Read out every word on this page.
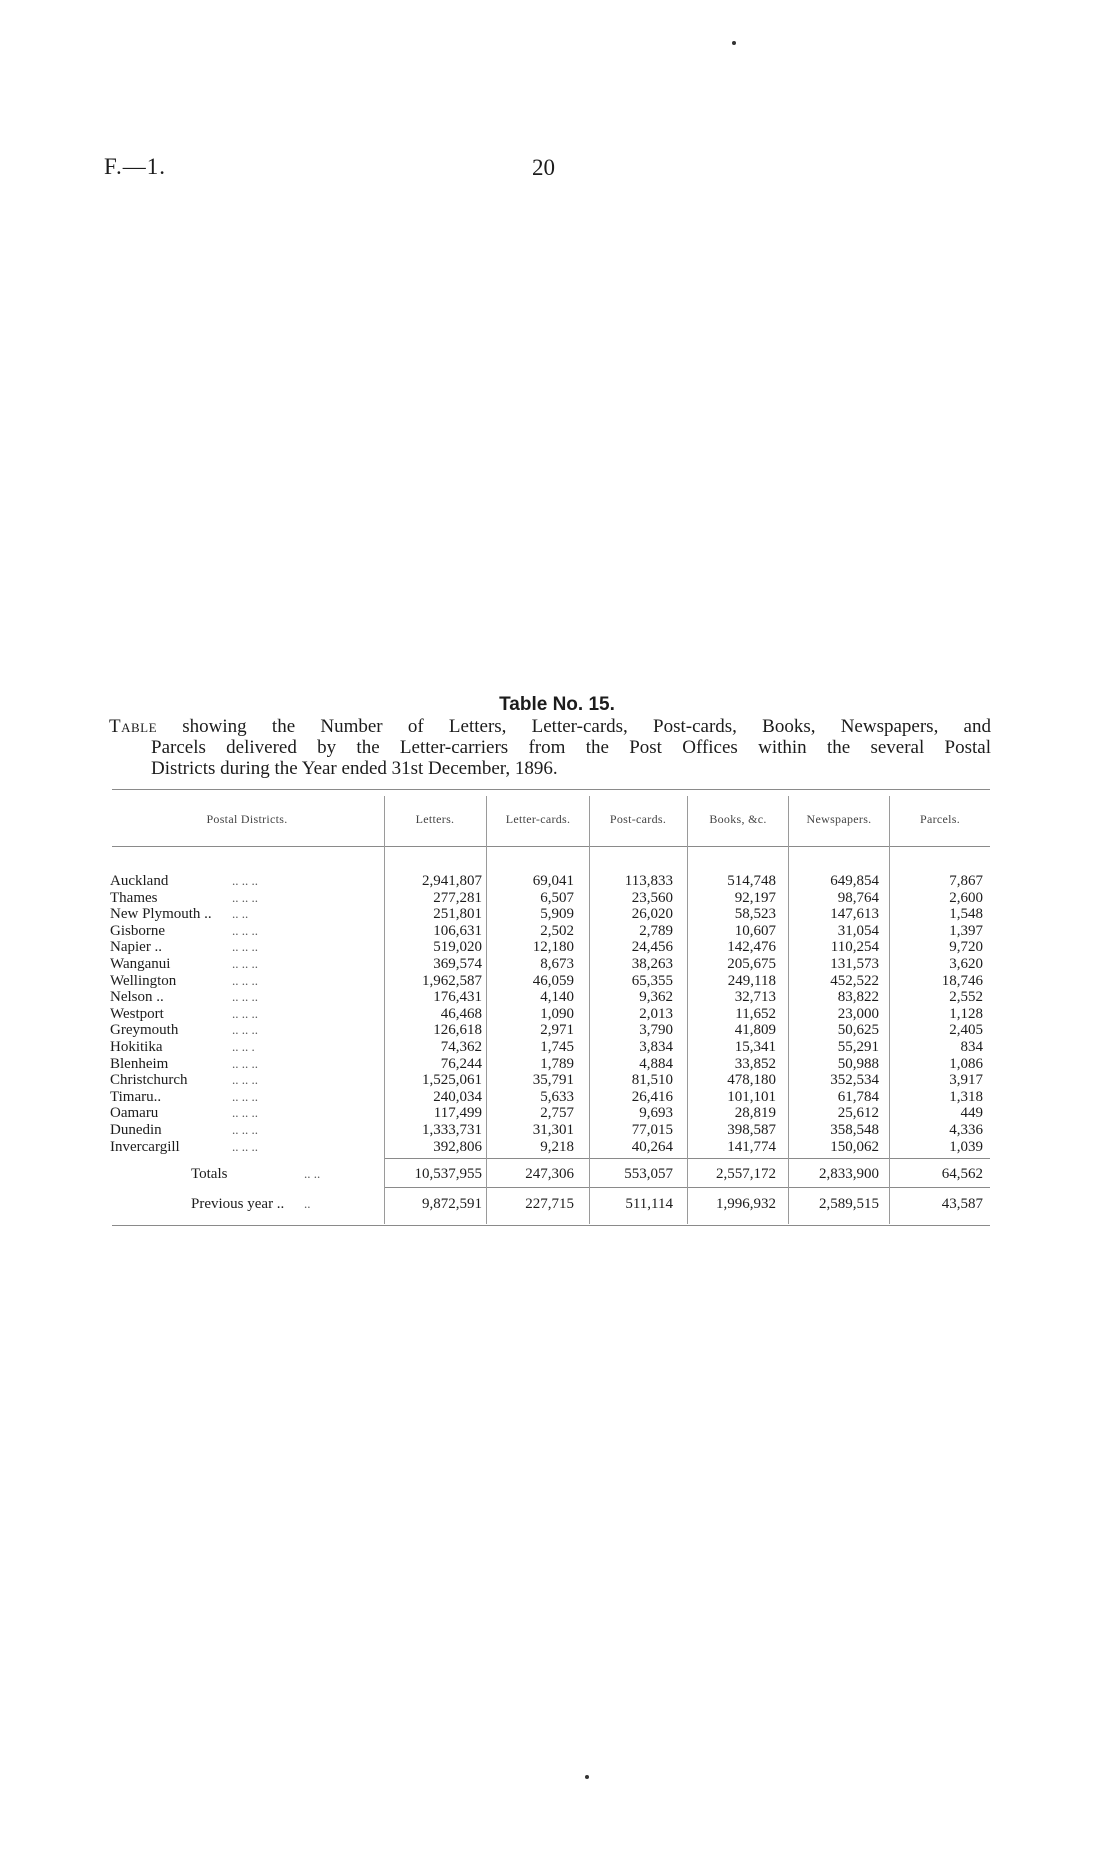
F.—1.	20
Table No. 15.
Table showing the Number of Letters, Letter-cards, Post-cards, Books, Newspapers, and
Parcels delivered by the Letter-carriers from the Post Offices within the several Postal
Districts during the Year ended 31st December, 1896.
Postal Districts.	Letters.	Letter-cards.	Post-cards.	Books, &c.	Newspapers.	Parcels.
Auckland	.. .. ..	2,941,807	69,041	113,833	514,748	649,854	7,867
Thames	.. .. ..	277,281	6,507	23,560	92,197	98,764	2,600
New Plymouth .. .. ..	251,801	5,909	26,020	58,523	147,613	1,548
Gisborne	.. .. ..	106,631	2,502	2,789	10,607	31,054	1,397
Napier ..	.. .. ..	519,020	12,180	24,456	142,476	110,254	9,720
Wanganui	.. .. ..	369,574	8,673	38,263	205,675	131,573	3,620
Wellington	.. .. ..	1,962,587	46,059	65,355	249,118	452,522	18,746
Nelson ..	.. .. ..	176,431	4,140	9,362	32,713	83,822	2,552
Westport	.. .. ..	46,468	1,090	2,013	11,652	23,000	1,128
Greymouth	.. .. ..	126,618	2,971	3,790	41,809	50,625	2,405
Hokitika	.. .. .	74,362	1,745	3,834	15,341	55,291	834
Blenheim	.. .. ..	76,244	1,789	4,884	33,852	50,988	1,086
Christchurch	.. .. ..	1,525,061	35,791	81,510	478,180	352,534	3,917
Timaru..	.. .. ..	240,034	5,633	26,416	101,101	61,784	1,318
Oamaru	.. .. ..	117,499	2,757	9,693	28,819	25,612	449
Dunedin	.. .. ..	1,333,731	31,301	77,015	398,587	358,548	4,336
Invercargill	.. .. ..	392,806	9,218	40,264	141,774	150,062	1,039
Totals	.. ..	10,537,955	247,306	553,057	2,557,172	2,833,900	64,562
Previous year .. ..	9,872,591	227,715	511,114	1,996,932	2,589,515	43,587
